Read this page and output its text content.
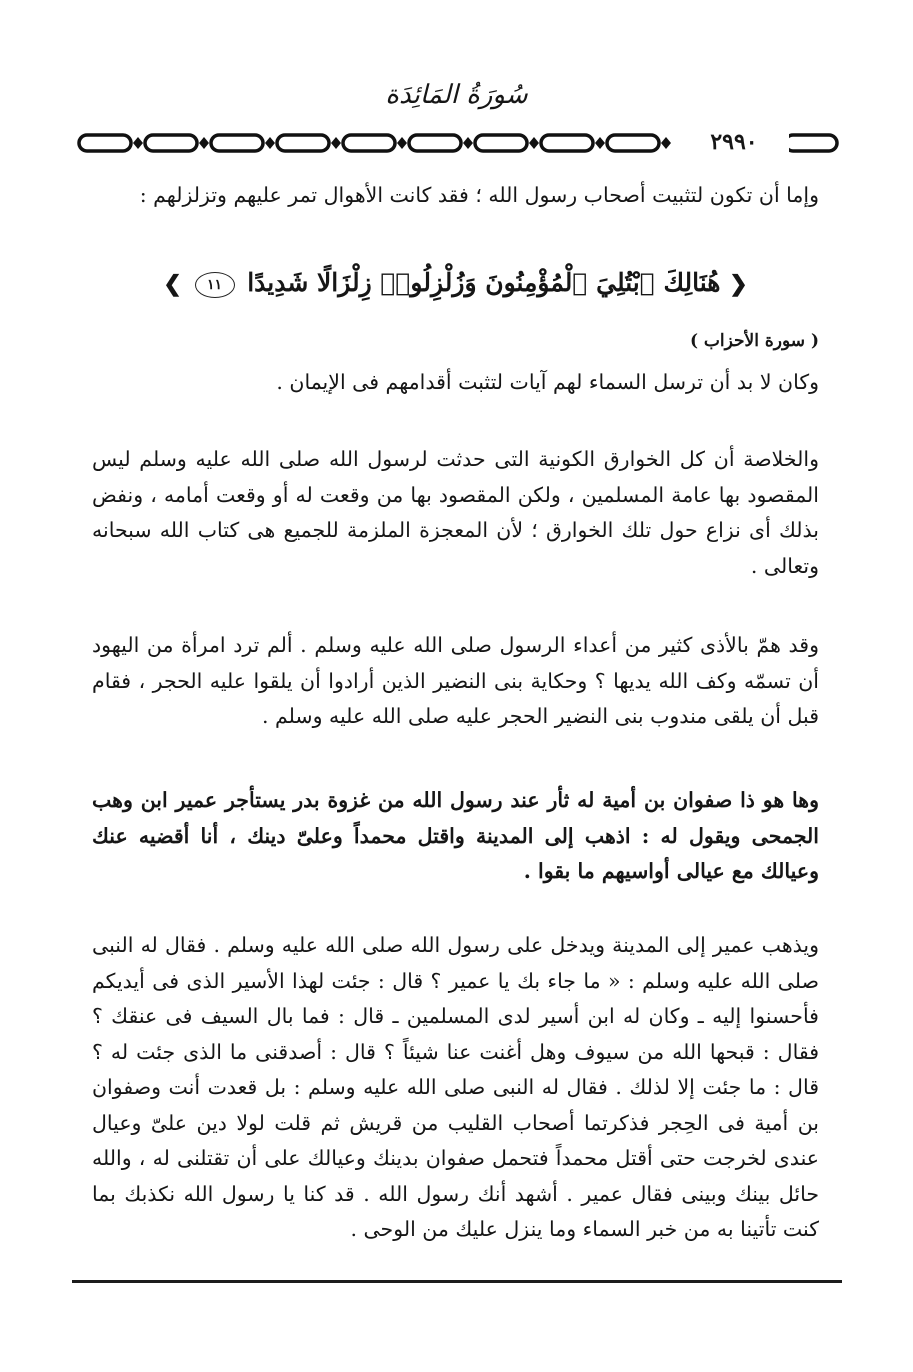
سُورَةُ المَائِدَة
٢٩٩٠

وإما أن تكون لتثبيت أصحاب رسول الله ؛ فقد كانت الأهوال تمر عليهم وتزلزلهم :

❮ هُنَالِكَ ٱبْتُلِيَ ٱلْمُؤْمِنُونَ وَزُلْزِلُوا۟ زِلْزَالًا شَدِيدًا ١١ ❯
( سورة الأحزاب )

وكان لا بد أن ترسل السماء لهم آيات لتثبت أقدامهم فى الإيمان .

والخلاصة أن كل الخوارق الكونية التى حدثت لرسول الله صلى الله عليه وسلم ليس المقصود بها عامة المسلمين ، ولكن المقصود بها من وقعت له أو وقعت أمامه ، ونفض بذلك أى نزاع حول تلك الخوارق ؛ لأن المعجزة الملزمة للجميع هى كتاب الله سبحانه وتعالى .

وقد همّ بالأذى كثير من أعداء الرسول صلى الله عليه وسلم . ألم ترد امرأة من اليهود أن تسمّه وكف الله يديها ؟ وحكاية بنى النضير الذين أرادوا أن يلقوا عليه الحجر ، فقام قبل أن يلقى مندوب بنى النضير الحجر عليه صلى الله عليه وسلم .

وها هو ذا صفوان بن أمية له ثأر عند رسول الله من غزوة بدر يستأجر عمير ابن وهب الجمحى ويقول له : اذهب إلى المدينة واقتل محمداً وعلىّ دينك ، أنا أقضيه عنك وعيالك مع عيالى أواسيهم ما بقوا .

ويذهب عمير إلى المدينة ويدخل على رسول الله صلى الله عليه وسلم . فقال له النبى صلى الله عليه وسلم : « ما جاء بك يا عمير ؟ قال : جئت لهذا الأسير الذى فى أيديكم فأحسنوا إليه ـ وكان له ابن أسير لدى المسلمين ـ قال : فما بال السيف فى عنقك ؟ فقال : قبحها الله من سيوف وهل أغنت عنا شيئاً ؟ قال : أصدقنى ما الذى جئت له ؟ قال : ما جئت إلا لذلك . فقال له النبى صلى الله عليه وسلم : بل قعدت أنت وصفوان بن أمية فى الحِجر فذكرتما أصحاب القليب من قريش ثم قلت لولا دين علىّ وعيال عندى لخرجت حتى أقتل محمداً فتحمل صفوان بدينك وعيالك على أن تقتلنى له ، والله حائل بينك وبينى فقال عمير . أشهد أنك رسول الله . قد كنا يا رسول الله نكذبك بما كنت تأتينا به من خبر السماء وما ينزل عليك من الوحى .
